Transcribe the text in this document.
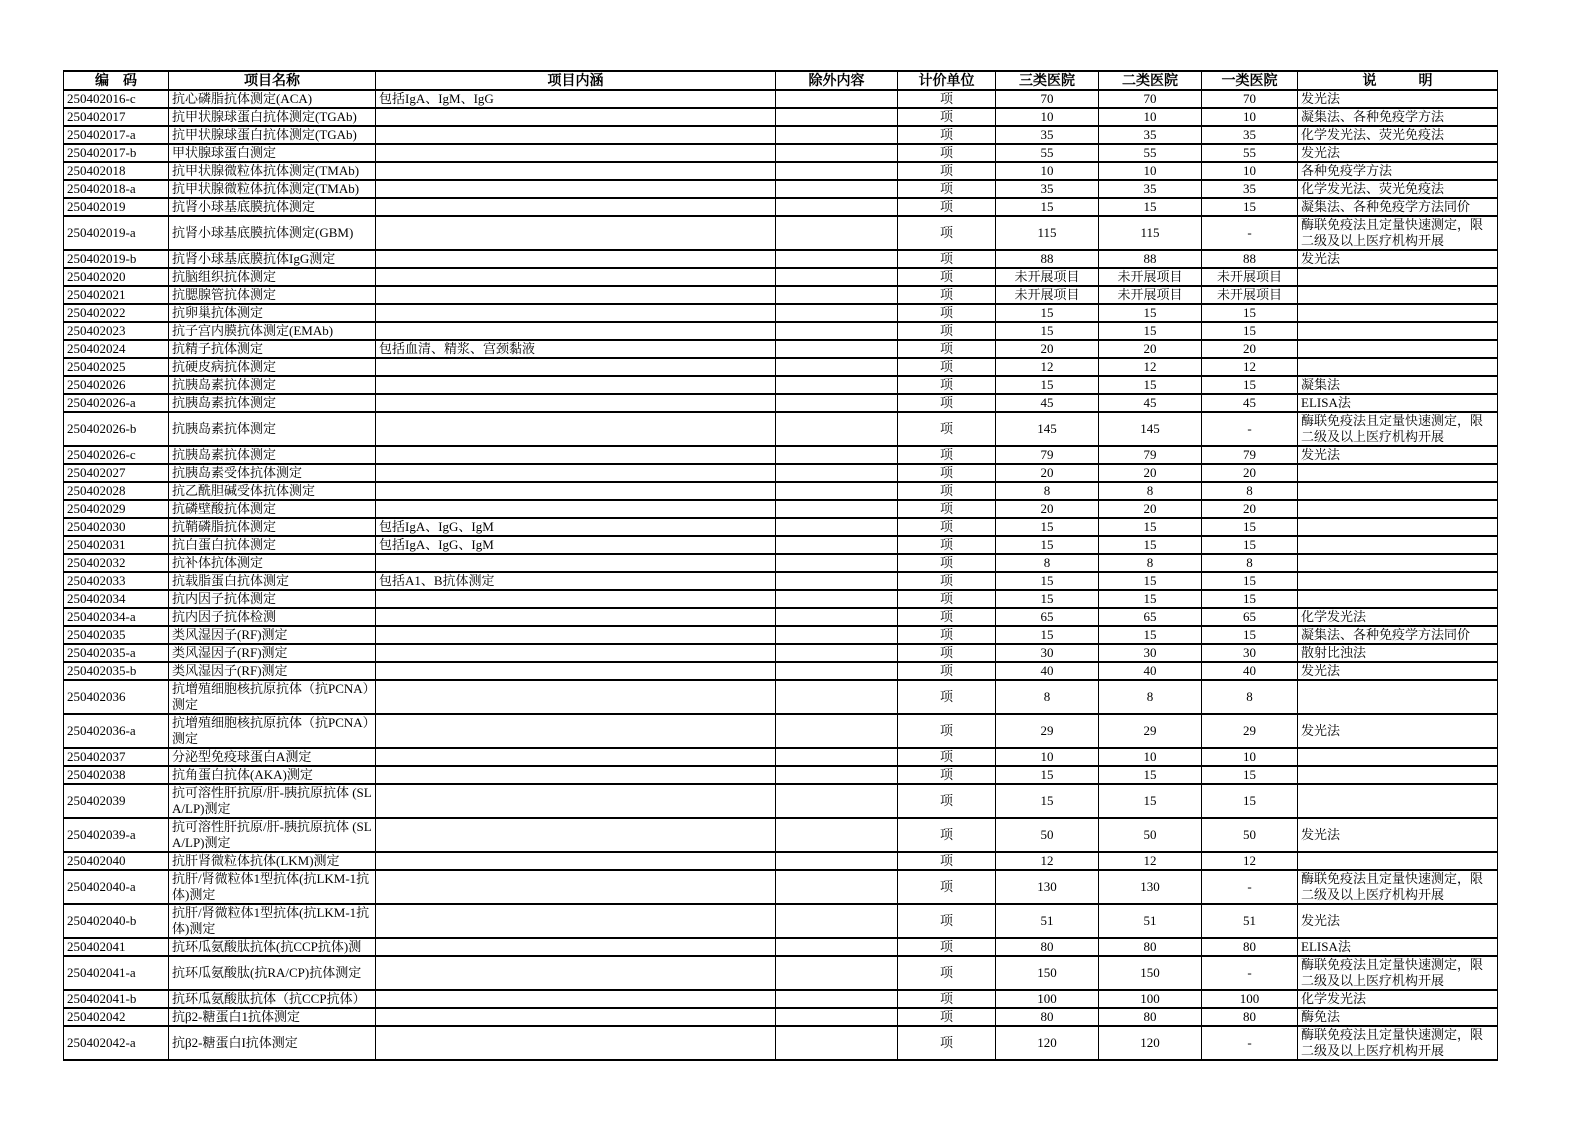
编　码	项目名称	项目内涵	除外内容	计价单位	三类医院	二类医院	一类医院	说　　　明
250402016-c	抗心磷脂抗体测定(ACA)	包括IgA、IgM、IgG		项	70	70	70	发光法
250402017	抗甲状腺球蛋白抗体测定(TGAb)			项	10	10	10	凝集法、各种免疫学方法
250402017-a	抗甲状腺球蛋白抗体测定(TGAb)			项	35	35	35	化学发光法、荧光免疫法
250402017-b	甲状腺球蛋白测定			项	55	55	55	发光法
250402018	抗甲状腺微粒体抗体测定(TMAb)			项	10	10	10	各种免疫学方法
250402018-a	抗甲状腺微粒体抗体测定(TMAb)			项	35	35	35	化学发光法、荧光免疫法
250402019	抗肾小球基底膜抗体测定			项	15	15	15	凝集法、各种免疫学方法同价
250402019-a	抗肾小球基底膜抗体测定(GBM)			项	115	115	-	酶联免疫法且定量快速测定，限二级及以上医疗机构开展
250402019-b	抗肾小球基底膜抗体IgG测定			项	88	88	88	发光法
250402020	抗脑组织抗体测定			项	未开展项目	未开展项目	未开展项目	
250402021	抗腮腺管抗体测定			项	未开展项目	未开展项目	未开展项目	
250402022	抗卵巢抗体测定			项	15	15	15	
250402023	抗子宫内膜抗体测定(EMAb)			项	15	15	15	
250402024	抗精子抗体测定	包括血清、精浆、宫颈黏液		项	20	20	20	
250402025	抗硬皮病抗体测定			项	12	12	12	
250402026	抗胰岛素抗体测定			项	15	15	15	凝集法
250402026-a	抗胰岛素抗体测定			项	45	45	45	ELISA法
250402026-b	抗胰岛素抗体测定			项	145	145	-	酶联免疫法且定量快速测定，限二级及以上医疗机构开展
250402026-c	抗胰岛素抗体测定			项	79	79	79	发光法
250402027	抗胰岛素受体抗体测定			项	20	20	20	
250402028	抗乙酰胆碱受体抗体测定			项	8	8	8	
250402029	抗磷壁酸抗体测定			项	20	20	20	
250402030	抗鞘磷脂抗体测定	包括IgA、IgG、IgM		项	15	15	15	
250402031	抗白蛋白抗体测定	包括IgA、IgG、IgM		项	15	15	15	
250402032	抗补体抗体测定			项	8	8	8	
250402033	抗载脂蛋白抗体测定	包括A1、B抗体测定		项	15	15	15	
250402034	抗内因子抗体测定			项	15	15	15	
250402034-a	抗内因子抗体检测			项	65	65	65	化学发光法
250402035	类风湿因子(RF)测定			项	15	15	15	凝集法、各种免疫学方法同价
250402035-a	类风湿因子(RF)测定			项	30	30	30	散射比浊法
250402035-b	类风湿因子(RF)测定			项	40	40	40	发光法
250402036	抗增殖细胞核抗原抗体（抗PCNA）测定			项	8	8	8	
250402036-a	抗增殖细胞核抗原抗体（抗PCNA）测定			项	29	29	29	发光法
250402037	分泌型免疫球蛋白A测定			项	10	10	10	
250402038	抗角蛋白抗体(AKA)测定			项	15	15	15	
250402039	抗可溶性肝抗原/肝-胰抗原抗体 (SLA/LP)测定			项	15	15	15	
250402039-a	抗可溶性肝抗原/肝-胰抗原抗体 (SLA/LP)测定			项	50	50	50	发光法
250402040	抗肝肾微粒体抗体(LKM)测定			项	12	12	12	
250402040-a	抗肝/肾微粒体1型抗体(抗LKM-1抗体)测定			项	130	130	-	酶联免疫法且定量快速测定，限二级及以上医疗机构开展
250402040-b	抗肝/肾微粒体1型抗体(抗LKM-1抗体)测定			项	51	51	51	发光法
250402041	抗环瓜氨酸肽抗体(抗CCP抗体)测			项	80	80	80	ELISA法
250402041-a	抗环瓜氨酸肽(抗RA/CP)抗体测定			项	150	150	-	酶联免疫法且定量快速测定，限二级及以上医疗机构开展
250402041-b	抗环瓜氨酸肽抗体（抗CCP抗体）			项	100	100	100	化学发光法
250402042	抗β2-糖蛋白1抗体测定			项	80	80	80	酶免法
250402042-a	抗β2-糖蛋白I抗体测定			项	120	120	-	酶联免疫法且定量快速测定，限二级及以上医疗机构开展
